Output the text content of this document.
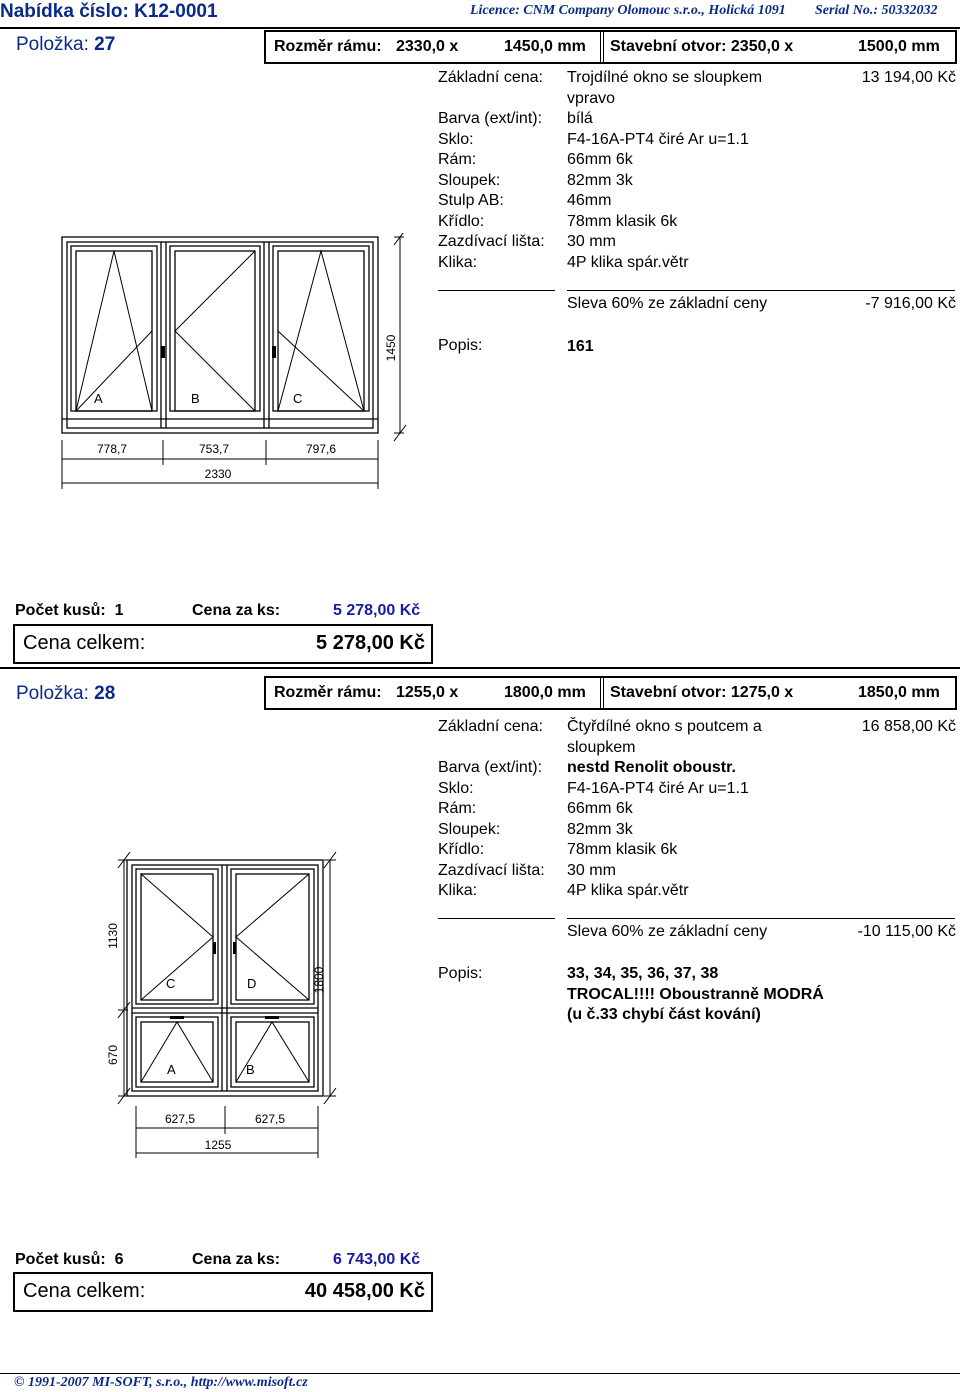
Nabídka číslo: K12-0001	Licence: CNM Company Olomouc s.r.o., Holická 1091 Serial No.: 50332032
Položka: 27	Rozměr rámu: 2330,0 x	1450,0 mm Stavební otvor: 2350,0 x	1500,0 mm
Základní cena: Trojdílné okno se sloupkem
vpravo
13 194,00 Kč
Barva (ext/int): bílá
Sklo:	F4-16A-PT4 čiré Ar u=1.1
Rám:	66mm 6k
Sloupek:	82mm 3k
Stulp AB:	46mm
Křídlo:	78mm klasik 6k
Zazdívací lišta: 30 mm
Klika:	4P klika spár.větr
Sleva 60% ze základní ceny	-7 916,00 Kč
Popis:	161
A	B	C
1450
778,7	753,7	797,6
2330
Počet kusů: 1	Cena za ks:	5 278,00 Kč
Cena celkem:	5 278,00 Kč
Položka: 28	Rozměr rámu: 1255,0 x	1800,0 mm Stavební otvor: 1275,0 x	1850,0 mm
Základní cena: Čtyřdílné okno s poutcem a
sloupkem
16 858,00 Kč
Barva (ext/int): nestd Renolit oboustr.
Sklo:	F4-16A-PT4 čiré Ar u=1.1
Rám:	66mm 6k
Sloupek:	82mm 3k
Křídlo:	78mm klasik 6k
Zazdívací lišta: 30 mm
Klika:	4P klika spár.větr
Sleva 60% ze základní ceny	-10 115,00 Kč
Popis:	33, 34, 35, 36, 37, 38
TROCAL!!!! Oboustranně MODRÁ
(u č.33 chybí část kování)
C	D
A	B
1130
670
1800
627,5	627,5
1255
Počet kusů: 6	Cena za ks:	6 743,00 Kč
Cena celkem:	40 458,00 Kč
© 1991-2007 MI-SOFT, s.r.o., http://www.misoft.cz
